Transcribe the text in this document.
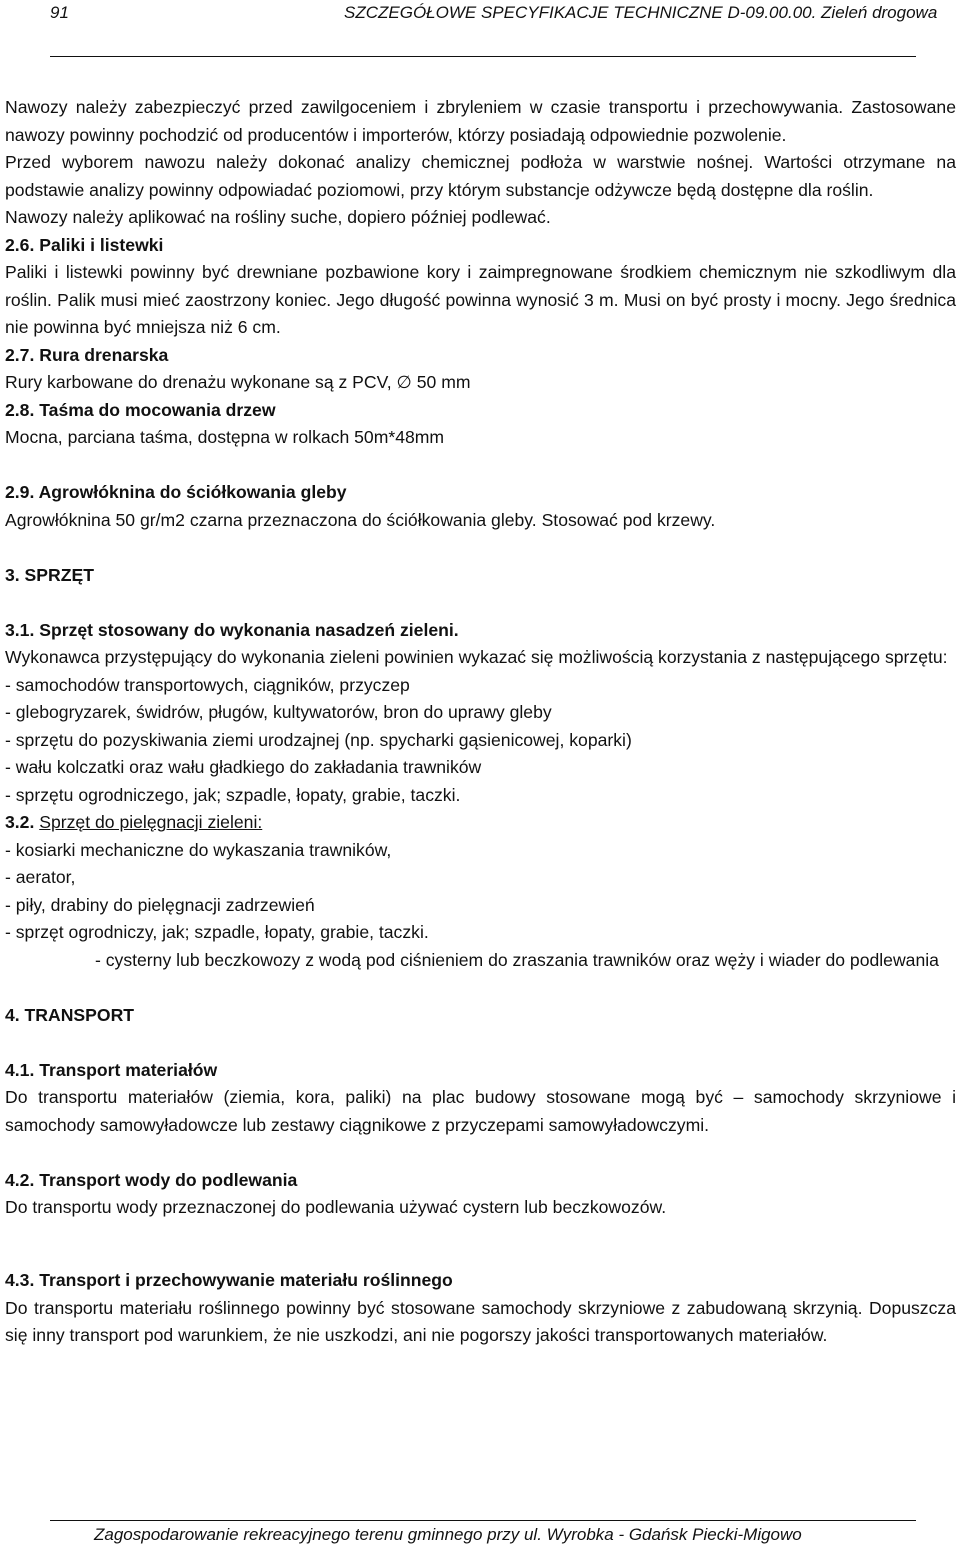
91	SZCZEGÓŁOWE SPECYFIKACJE TECHNICZNE D-09.00.00. Zieleń drogowa

Nawozy należy zabezpieczyć przed zawilgoceniem i zbryleniem w czasie transportu i przechowywania. Zastosowane nawozy powinny pochodzić od producentów i importerów, którzy posiadają odpowiednie pozwolenie.

Przed wyborem nawozu należy dokonać analizy chemicznej podłoża w warstwie nośnej. Wartości otrzymane na podstawie analizy powinny odpowiadać poziomowi, przy którym substancje odżywcze będą dostępne dla roślin.

Nawozy należy aplikować na rośliny suche, dopiero później podlewać.

2.6. Paliki i listewki

Paliki i listewki powinny być drewniane pozbawione kory i zaimpregnowane środkiem chemicznym nie szkodliwym dla roślin. Palik musi mieć zaostrzony koniec. Jego długość powinna wynosić 3 m. Musi on być prosty i mocny. Jego średnica nie powinna być mniejsza niż 6 cm.

2.7. Rura drenarska

Rury karbowane do drenażu wykonane są z PCV, ∅ 50 mm

2.8. Taśma do mocowania drzew

Mocna, parciana taśma, dostępna w rolkach 50m*48mm

2.9. Agrowłóknina do ściółkowania gleby

Agrowłóknina 50 gr/m2 czarna przeznaczona do ściółkowania gleby. Stosować pod krzewy.

3. SPRZĘT

3.1. Sprzęt stosowany do wykonania nasadzeń zieleni.

Wykonawca przystępujący do wykonania zieleni powinien wykazać się możliwością korzystania z następującego sprzętu:

- samochodów transportowych, ciągników, przyczep
- glebogryzarek, świdrów, pługów, kultywatorów, bron do uprawy gleby
- sprzętu do pozyskiwania ziemi urodzajnej (np. spycharki gąsienicowej, koparki)
- wału kolczatki oraz wału gładkiego do zakładania trawników
- sprzętu ogrodniczego, jak; szpadle, łopaty, grabie, taczki.

3.2. Sprzęt do pielęgnacji zieleni:

- kosiarki mechaniczne do wykaszania trawników,
- aerator,
- piły, drabiny do pielęgnacji zadrzewień
- sprzęt ogrodniczy, jak; szpadle, łopaty, grabie, taczki.

- cysterny lub beczkowozy z wodą pod ciśnieniem do zraszania trawników oraz węży i wiader do podlewania

4. TRANSPORT

4.1. Transport materiałów

Do transportu materiałów (ziemia, kora, paliki) na plac budowy stosowane mogą być – samochody skrzyniowe i samochody samowyładowcze lub zestawy ciągnikowe z przyczepami samowyładowczymi.

4.2. Transport wody do podlewania

Do transportu wody przeznaczonej do podlewania używać cystern lub beczkowozów.

4.3. Transport i przechowywanie materiału roślinnego

Do transportu materiału roślinnego powinny być stosowane samochody skrzyniowe z zabudowaną skrzynią. Dopuszcza się inny transport pod warunkiem, że nie uszkodzi, ani nie pogorszy jakości transportowanych materiałów.

Zagospodarowanie rekreacyjnego terenu gminnego przy ul. Wyrobka - Gdańsk Piecki-Migowo
